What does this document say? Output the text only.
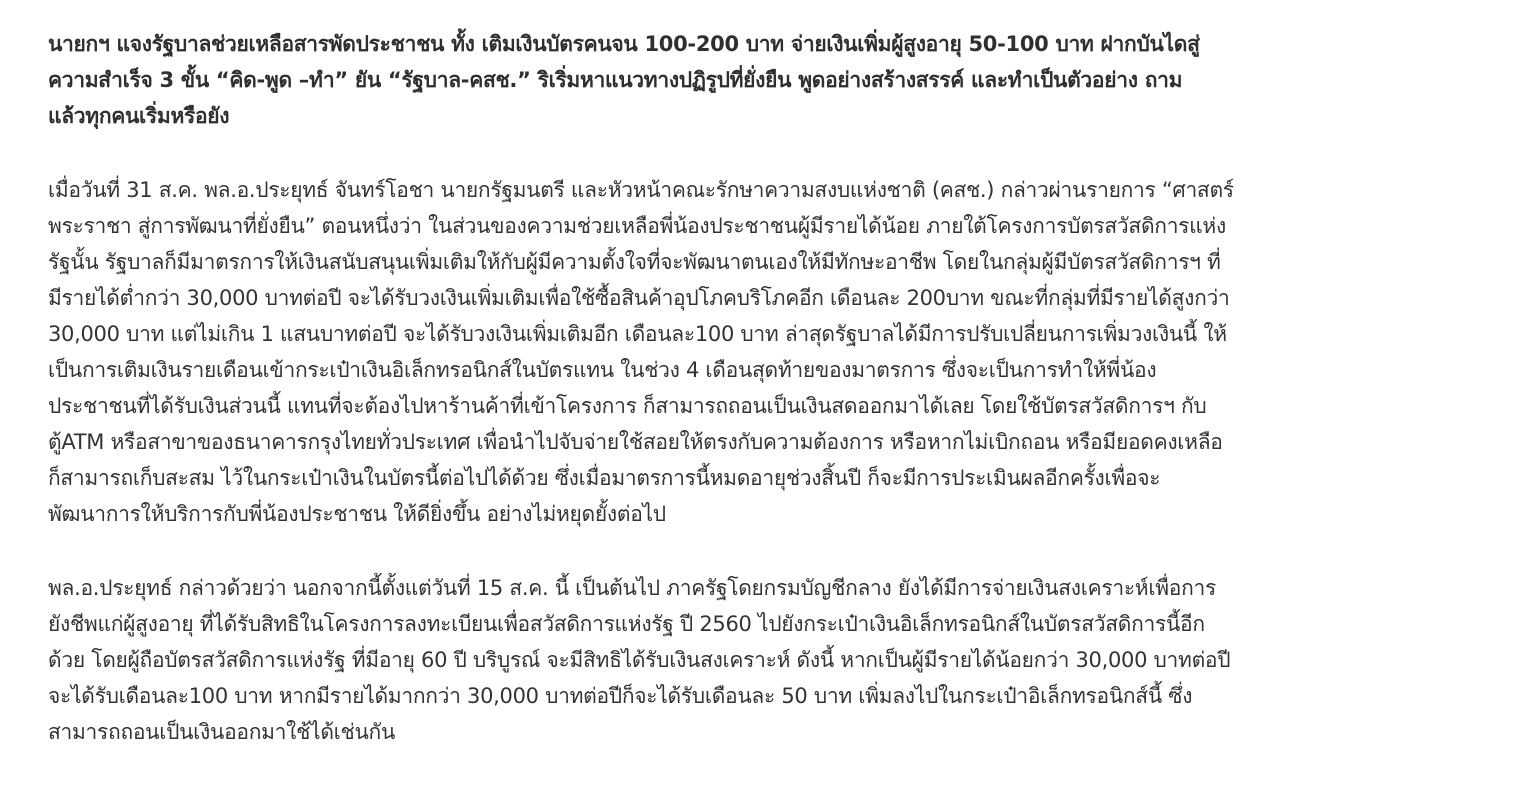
นายกฯ แจงรัฐบาลช่วยเหลือสารพัดประชาชน ทั้ง เติมเงินบัตรคนจน 100-200 บาท จ่ายเงินเพิ่มผู้สูงอายุ 50-100 บาท ฝากบันไดสู่
ความสำเร็จ 3 ขั้น “คิด-พูด –ทำ” ยัน “รัฐบาล-คสช.” ริเริ่มหาแนวทางปฏิรูปที่ยั่งยืน พูดอย่างสร้างสรรค์ และทำเป็นตัวอย่าง ถาม
แล้วทุกคนเริ่มหรือยัง
เมื่อวันที่ 31 ส.ค. พล.อ.ประยุทธ์ จันทร์โอชา นายกรัฐมนตรี และหัวหน้าคณะรักษาความสงบแห่งชาติ (คสช.) กล่าวผ่านรายการ “ศาสตร์
พระราชา สู่การพัฒนาที่ยั่งยืน” ตอนหนึ่งว่า ในส่วนของความช่วยเหลือพี่น้องประชาชนผู้มีรายได้น้อย ภายใต้โครงการบัตรสวัสดิการแห่ง
รัฐนั้น รัฐบาลก็มีมาตรการให้เงินสนับสนุนเพิ่มเติมให้กับผู้มีความตั้งใจที่จะพัฒนาตนเองให้มีทักษะอาชีพ โดยในกลุ่มผู้มีบัตรสวัสดิการฯ ที่
มีรายได้ต่ำกว่า 30,000 บาทต่อปี จะได้รับวงเงินเพิ่มเติมเพื่อใช้ซื้อสินค้าอุปโภคบริโภคอีก เดือนละ 200บาท ขณะที่กลุ่มที่มีรายได้สูงกว่า
30,000 บาท แต่ไม่เกิน 1 แสนบาทต่อปี จะได้รับวงเงินเพิ่มเติมอีก เดือนละ100 บาท ล่าสุดรัฐบาลได้มีการปรับเปลี่ยนการเพิ่มวงเงินนี้ ให้
เป็นการเติมเงินรายเดือนเข้ากระเป๋าเงินอิเล็กทรอนิกส์ในบัตรแทน ในช่วง 4 เดือนสุดท้ายของมาตรการ ซึ่งจะเป็นการทำให้พี่น้อง
ประชาชนที่ได้รับเงินส่วนนี้ แทนที่จะต้องไปหาร้านค้าที่เข้าโครงการ ก็สามารถถอนเป็นเงินสดออกมาได้เลย โดยใช้บัตรสวัสดิการฯ กับ
ตู้ATM หรือสาขาของธนาคารกรุงไทยทั่วประเทศ เพื่อนำไปจับจ่ายใช้สอยให้ตรงกับความต้องการ หรือหากไม่เบิกถอน หรือมียอดคงเหลือ
ก็สามารถเก็บสะสม ไว้ในกระเป๋าเงินในบัตรนี้ต่อไปได้ด้วย ซึ่งเมื่อมาตรการนี้หมดอายุช่วงสิ้นปี ก็จะมีการประเมินผลอีกครั้งเพื่อจะ
พัฒนาการให้บริการกับพี่น้องประชาชน ให้ดียิ่งขึ้น อย่างไม่หยุดยั้งต่อไป
พล.อ.ประยุทธ์ กล่าวด้วยว่า นอกจากนี้ตั้งแต่วันที่ 15 ส.ค. นี้ เป็นต้นไป ภาครัฐโดยกรมบัญชีกลาง ยังได้มีการจ่ายเงินสงเคราะห์เพื่อการ
ยังชีพแก่ผู้สูงอายุ ที่ได้รับสิทธิในโครงการลงทะเบียนเพื่อสวัสดิการแห่งรัฐ ปี 2560 ไปยังกระเป๋าเงินอิเล็กทรอนิกส์ในบัตรสวัสดิการนี้อีก
ด้วย โดยผู้ถือบัตรสวัสดิการแห่งรัฐ ที่มีอายุ 60 ปี บริบูรณ์ จะมีสิทธิได้รับเงินสงเคราะห์ ดังนี้ หากเป็นผู้มีรายได้น้อยกว่า 30,000 บาทต่อปี
จะได้รับเดือนละ100 บาท หากมีรายได้มากกว่า 30,000 บาทต่อปีก็จะได้รับเดือนละ 50 บาท เพิ่มลงไปในกระเป๋าอิเล็กทรอนิกส์นี้ ซึ่ง
สามารถถอนเป็นเงินออกมาใช้ได้เช่นกัน
